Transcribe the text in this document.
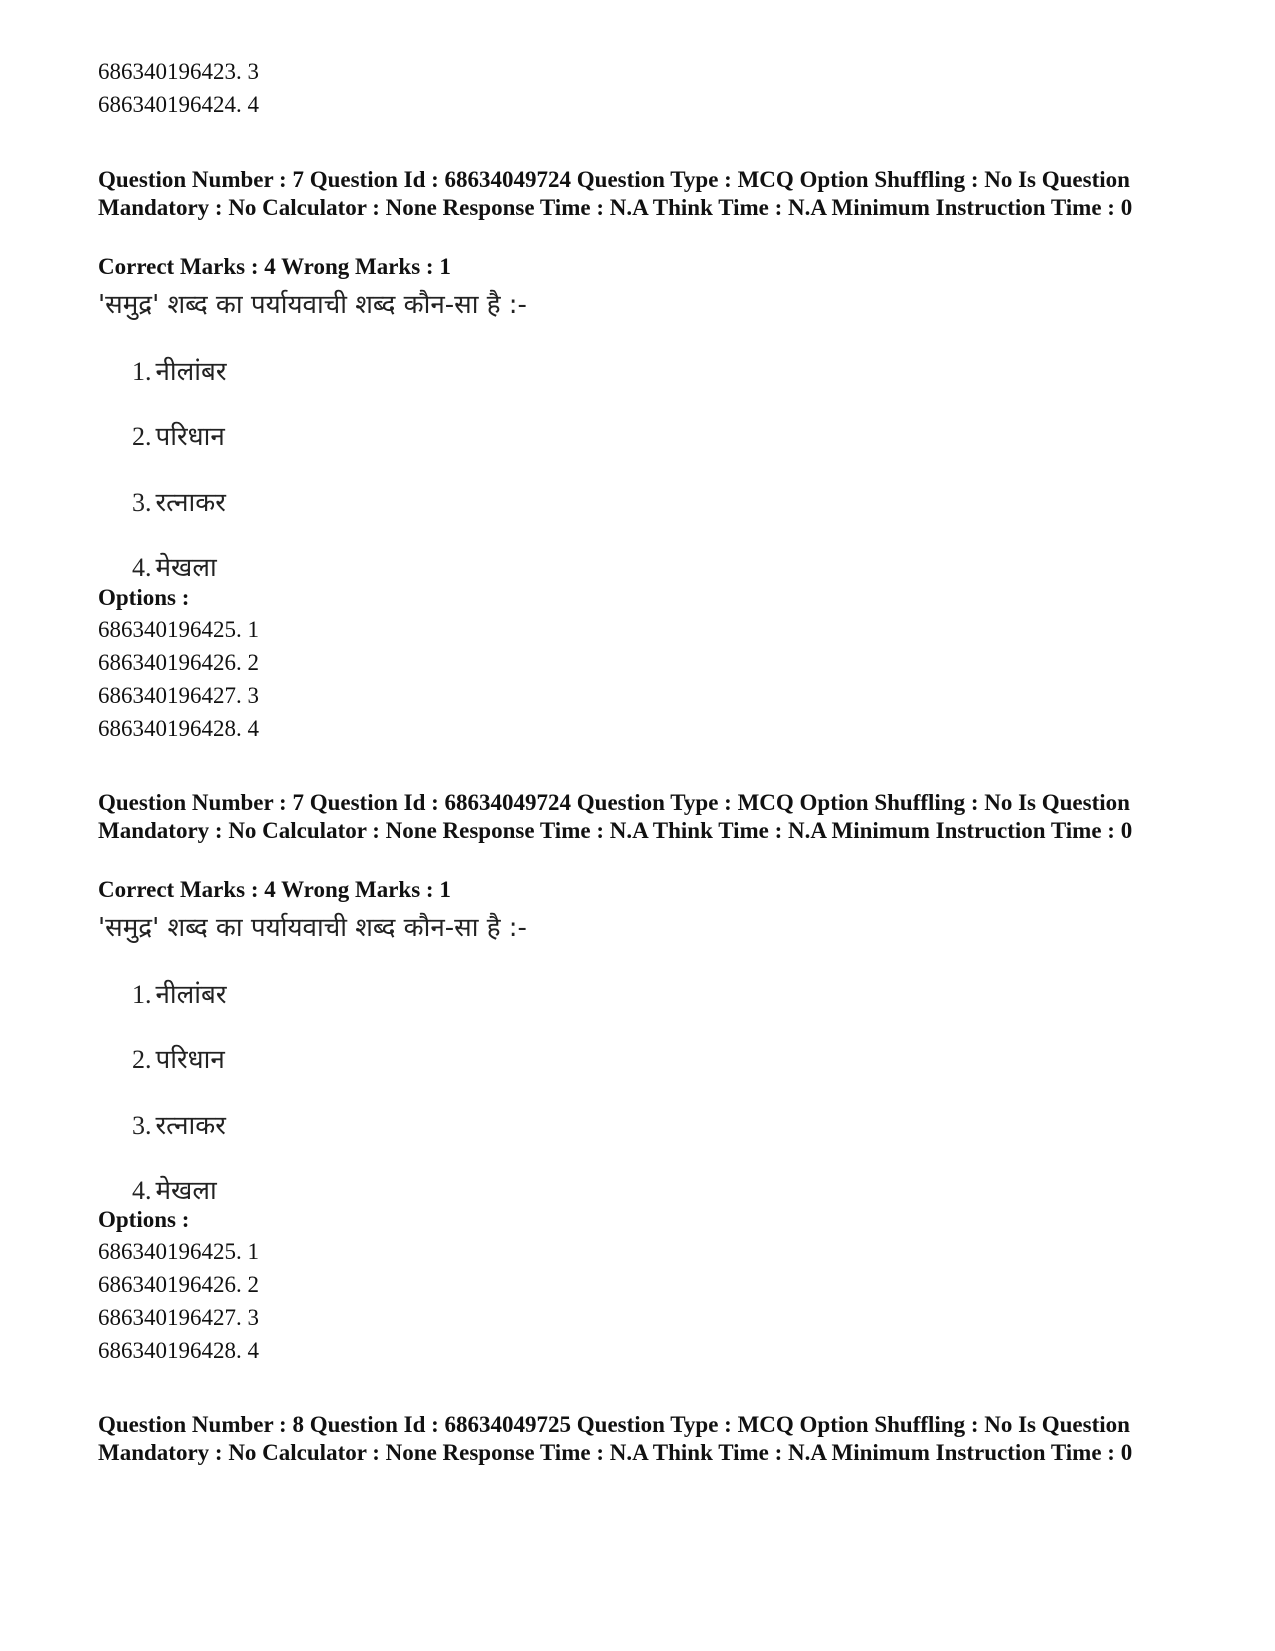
686340196423. 3
686340196424. 4
Question Number : 7 Question Id : 68634049724 Question Type : MCQ Option Shuffling : No Is Question Mandatory : No Calculator : None Response Time : N.A Think Time : N.A Minimum Instruction Time : 0
Correct Marks : 4 Wrong Marks : 1
'समुद्र' शब्द का पर्यायवाची शब्द कौन-सा है :-
1. नीलांबर
2. परिधान
3. रत्नाकर
4. मेखला
Options :
686340196425. 1
686340196426. 2
686340196427. 3
686340196428. 4
Question Number : 7 Question Id : 68634049724 Question Type : MCQ Option Shuffling : No Is Question Mandatory : No Calculator : None Response Time : N.A Think Time : N.A Minimum Instruction Time : 0
Correct Marks : 4 Wrong Marks : 1
'समुद्र' शब्द का पर्यायवाची शब्द कौन-सा है :-
1. नीलांबर
2. परिधान
3. रत्नाकर
4. मेखला
Options :
686340196425. 1
686340196426. 2
686340196427. 3
686340196428. 4
Question Number : 8 Question Id : 68634049725 Question Type : MCQ Option Shuffling : No Is Question Mandatory : No Calculator : None Response Time : N.A Think Time : N.A Minimum Instruction Time : 0
